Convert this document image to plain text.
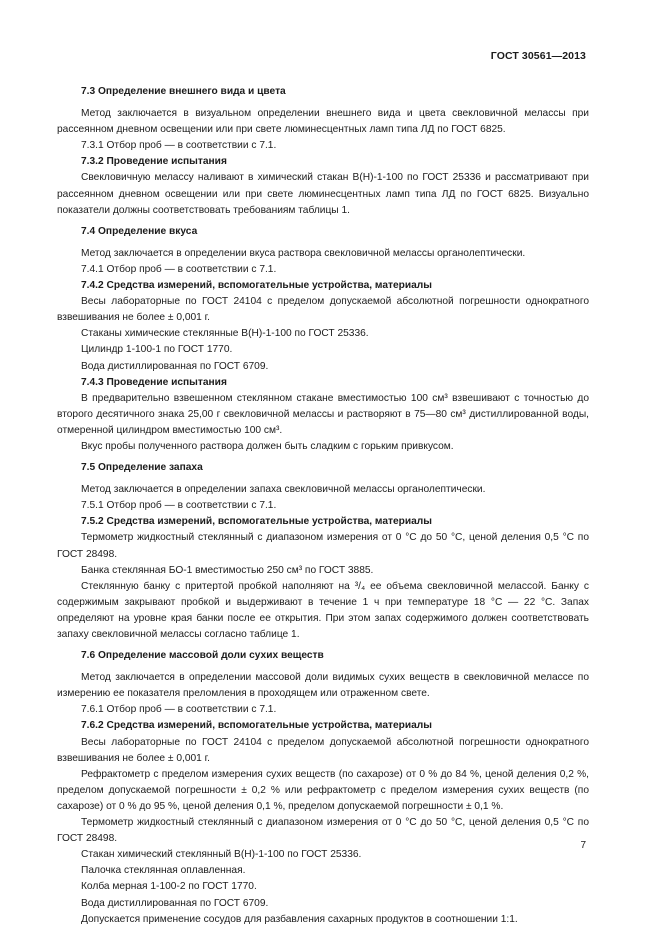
ГОСТ 30561—2013

7.3 Определение внешнего вида и цвета

Метод заключается в визуальном определении внешнего вида и цвета свекловичной мелассы при рассеянном дневном освещении или при свете люминесцентных ламп типа ЛД по ГОСТ 6825.

7.3.1 Отбор проб — в соответствии с 7.1.

7.3.2 Проведение испытания

Свекловичную мелассу наливают в химический стакан В(Н)-1-100 по ГОСТ 25336 и рассматривают при рассеянном дневном освещении или при свете люминесцентных ламп типа ЛД по ГОСТ 6825. Визуально показатели должны соответствовать требованиям таблицы 1.

7.4 Определение вкуса

Метод заключается в определении вкуса раствора свекловичной мелассы органолептически.

7.4.1 Отбор проб — в соответствии с 7.1.

7.4.2 Средства измерений, вспомогательные устройства, материалы

Весы лабораторные по ГОСТ 24104 с пределом допускаемой абсолютной погрешности однократного взвешивания не более ± 0,001 г.

Стаканы химические стеклянные В(Н)-1-100 по ГОСТ 25336.

Цилиндр 1-100-1 по ГОСТ 1770.

Вода дистиллированная по ГОСТ 6709.

7.4.3 Проведение испытания

В предварительно взвешенном стеклянном стакане вместимостью 100 см³ взвешивают с точностью до второго десятичного знака 25,00 г свекловичной мелассы и растворяют в 75—80 см³ дистиллированной воды, отмеренной цилиндром вместимостью 100 см³.

Вкус пробы полученного раствора должен быть сладким с горьким привкусом.

7.5 Определение запаха

Метод заключается в определении запаха свекловичной мелассы органолептически.

7.5.1 Отбор проб — в соответствии с 7.1.

7.5.2 Средства измерений, вспомогательные устройства, материалы

Термометр жидкостный стеклянный с диапазоном измерения от 0 °С до 50 °С, ценой деления 0,5 °С по ГОСТ 28498.

Банка стеклянная БО-1 вместимостью 250 см³ по ГОСТ 3885.

Стеклянную банку с притертой пробкой наполняют на ³/₄ ее объема свекловичной мелассой. Банку с содержимым закрывают пробкой и выдерживают в течение 1 ч при температуре 18 °С — 22 °С. Запах определяют на уровне края банки после ее открытия. При этом запах содержимого должен соответствовать запаху свекловичной мелассы согласно таблице 1.

7.6 Определение массовой доли сухих веществ

Метод заключается в определении массовой доли видимых сухих веществ в свекловичной мелассе по измерению ее показателя преломления в проходящем или отраженном свете.

7.6.1 Отбор проб — в соответствии с 7.1.

7.6.2 Средства измерений, вспомогательные устройства, материалы

Весы лабораторные по ГОСТ 24104 с пределом допускаемой абсолютной погрешности однократного взвешивания не более ± 0,001 г.

Рефрактометр с пределом измерения сухих веществ (по сахарозе) от 0 % до 84 %, ценой деления 0,2 %, пределом допускаемой погрешности ± 0,2 % или рефрактометр с пределом измерения сухих веществ (по сахарозе) от 0 % до 95 %, ценой деления 0,1 %, пределом допускаемой погрешности ± 0,1 %.

Термометр жидкостный стеклянный с диапазоном измерения от 0 °С до 50 °С, ценой деления 0,5 °С по ГОСТ 28498.

Стакан химический стеклянный В(Н)-1-100 по ГОСТ 25336.

Палочка стеклянная оплавленная.

Колба мерная 1-100-2 по ГОСТ 1770.

Вода дистиллированная по ГОСТ 6709.

Допускается применение сосудов для разбавления сахарных продуктов в соотношении 1:1.

7
